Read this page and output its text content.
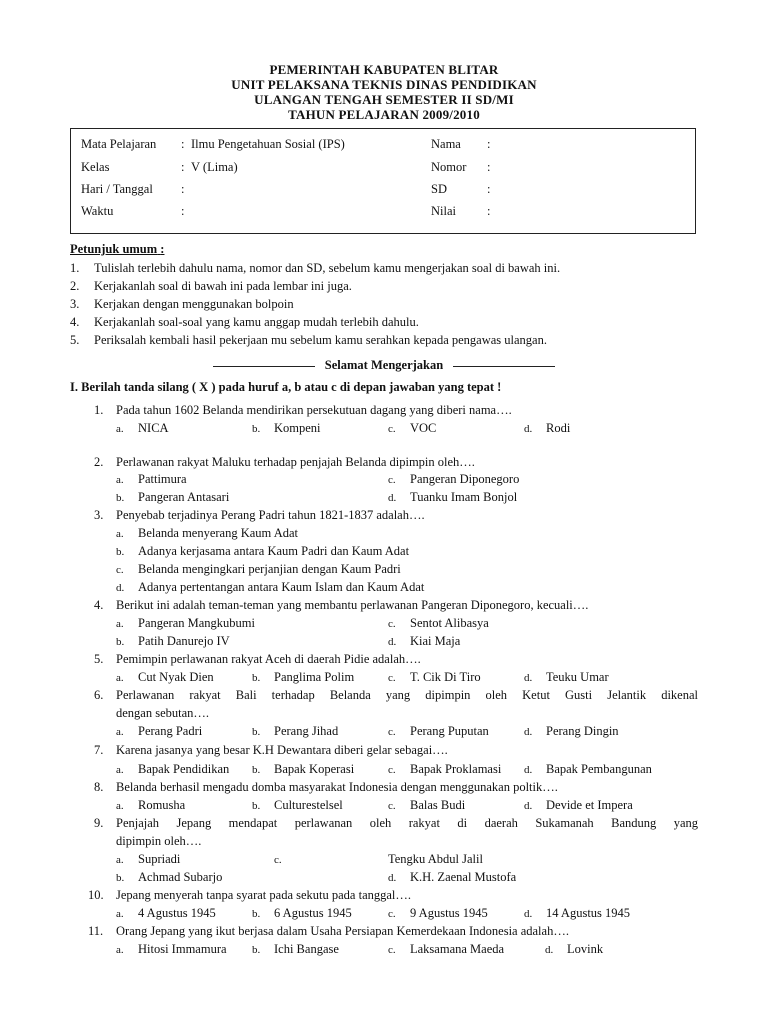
PEMERINTAH KABUPATEN BLITAR
UNIT PELAKSANA TEKNIS DINAS PENDIDIKAN
ULANGAN TENGAH SEMESTER II SD/MI
TAHUN PELAJARAN 2009/2010
Mata Pelajaran : Ilmu Pengetahuan Sosial (IPS)	Nama :
Kelas	: V (Lima)	Nomor :
Hari / Tanggal :	SD	:
Waktu	:	Nilai :
Petunjuk umum :
1. Tulislah terlebih dahulu nama, nomor dan SD, sebelum kamu mengerjakan soal di bawah ini.
2. Kerjakanlah soal di bawah ini pada lembar ini juga.
3. Kerjakan dengan menggunakan bolpoin
4. Kerjakanlah soal-soal yang kamu anggap mudah terlebih dahulu.
5. Periksalah kembali hasil pekerjaan mu sebelum kamu serahkan kepada pengawas ulangan.
Selamat Mengerjakan
I. Berilah tanda silang ( X ) pada huruf a, b atau c di depan jawaban yang tepat !
1. Pada tahun 1602 Belanda mendirikan persekutuan dagang yang diberi nama….
a. NICA	b. Kompeni	c. VOC	d. Rodi
2. Perlawanan rakyat Maluku terhadap penjajah Belanda dipimpin oleh….
a. Pattimura	c. Pangeran Diponegoro
b. Pangeran Antasari	d. Tuanku Imam Bonjol
3. Penyebab terjadinya Perang Padri tahun 1821-1837 adalah….
a. Belanda menyerang Kaum Adat
b. Adanya kerjasama antara Kaum Padri dan Kaum Adat
c. Belanda mengingkari perjanjian dengan Kaum Padri
d. Adanya pertentangan antara Kaum Islam dan Kaum Adat
4. Berikut ini adalah teman-teman yang membantu perlawanan Pangeran Diponegoro, kecuali….
a. Pangeran Mangkubumi	c. Sentot Alibasya
b. Patih Danurejo IV	d. Kiai Maja
5. Pemimpin perlawanan rakyat Aceh di daerah Pidie adalah….
a. Cut Nyak Dien	b. Panglima Polim	c. T. Cik Di Tiro	d. Teuku Umar
6. Perlawanan rakyat Bali terhadap Belanda yang dipimpin oleh Ketut Gusti Jelantik dikenal
dengan sebutan….
a. Perang Padri	b. Perang Jihad	c. Perang Puputan	d. Perang Dingin
7. Karena jasanya yang besar K.H Dewantara diberi gelar sebagai….
a. Bapak Pendidikan b. Bapak Koperasi	c. Bapak Proklamasi d. Bapak Pembangunan
8. Belanda berhasil mengadu domba masyarakat Indonesia dengan menggunakan poltik….
a. Romusha	b. Culturestelsel	c. Balas Budi	d. Devide et Impera
9. Penjajah Jepang mendapat perlawanan oleh rakyat di daerah Sukamanah Bandung yang
dipimpin oleh….
a. Supriadi	c.	Tengku Abdul Jalil
b. Achmad Subarjo	d. K.H. Zaenal Mustofa
10. Jepang menyerah tanpa syarat pada sekutu pada tanggal….
a. 4 Agustus 1945	b. 6 Agustus 1945	c. 9 Agustus 1945	d. 14 Agustus 1945
11. Orang Jepang yang ikut berjasa dalam Usaha Persiapan Kemerdekaan Indonesia adalah….
a. Hitosi Immamura b. Ichi Bangase	c. Laksamana Maeda	d. Lovink
